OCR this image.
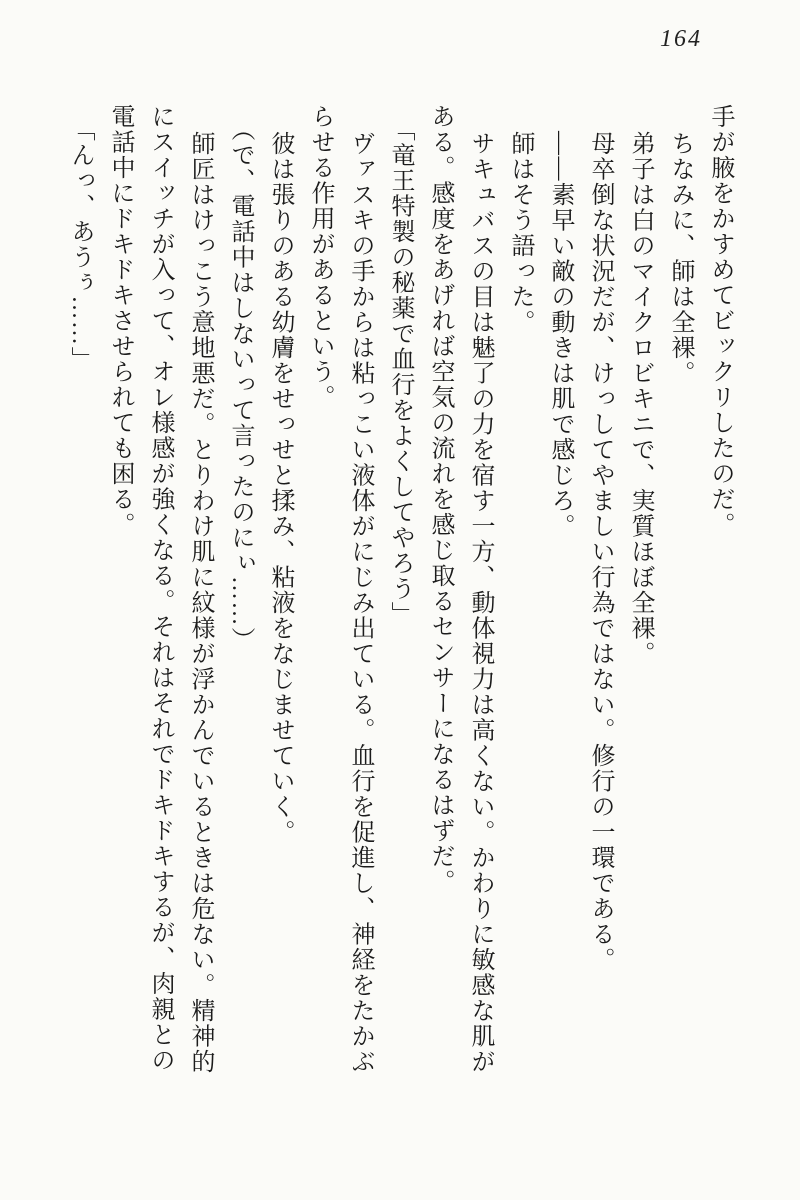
164
手が腋をかすめてビックリしたのだ。
ちなみに、師は全裸。
弟子は白のマイクロビキニで、実質ほぼ全裸。
母卒倒な状況だが、けっしてやましい行為ではない。修行の一環である。
――素早い敵の動きは肌で感じろ。
師はそう語った。
サキュバスの目は魅了の力を宿す一方、動体視力は高くない。かわりに敏感な肌が
ある。感度をあげれば空気の流れを感じ取るセンサーになるはずだ。
「竜王特製の秘薬で血行をよくしてやろう」
ヴァスキの手からは粘っこい液体がにじみ出ている。血行を促進し、神経をたかぶ
らせる作用があるという。
彼は張りのある幼膚をせっせと揉み、粘液をなじませていく。
（で、電話中はしないって言ったのにぃ……）
師匠はけっこう意地悪だ。とりわけ肌に紋様が浮かんでいるときは危ない。精神的
にスイッチが入って、オレ様感が強くなる。それはそれでドキドキするが、肉親との
電話中にドキドキさせられても困る。
「んっ、あうぅ……」
